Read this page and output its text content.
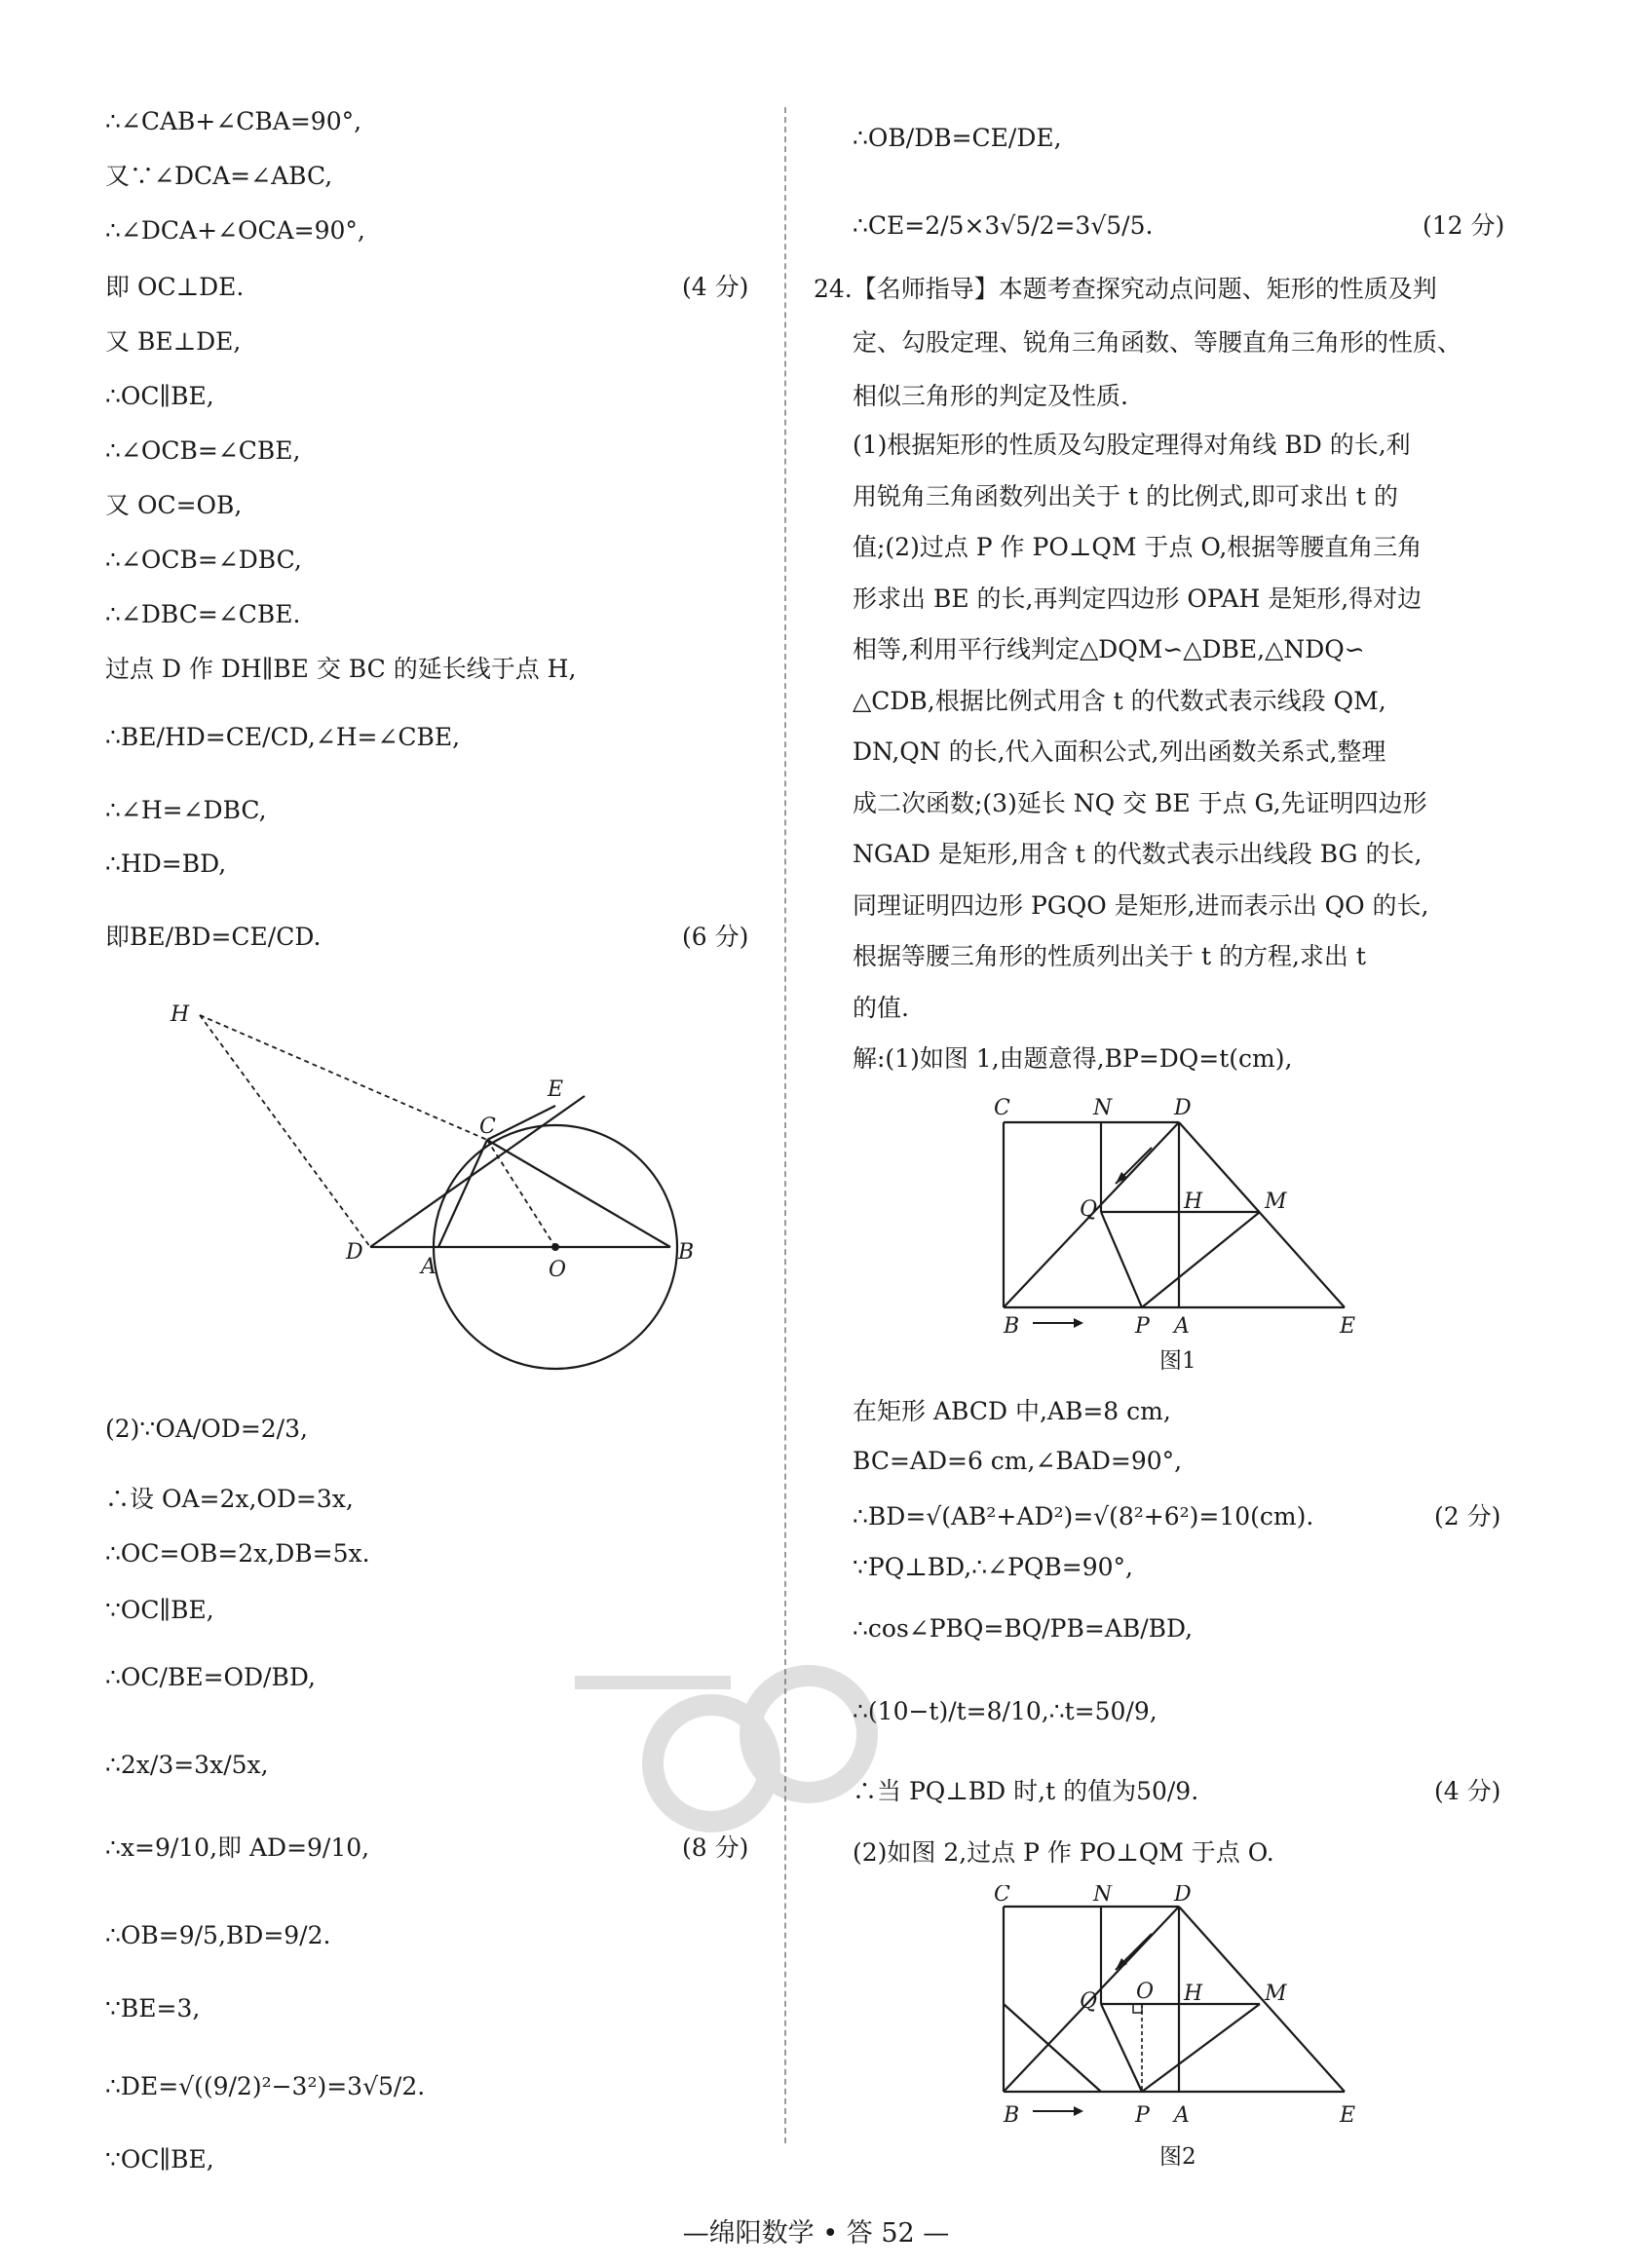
∴∠CAB+∠CBA=90°,
又∵∠DCA=∠ABC,
∴∠DCA+∠OCA=90°,
即 OC⊥DE.	(4 分)
又 BE⊥DE,
∴OC∥BE,
∴∠OCB=∠CBE,
又 OC=OB,
∴∠OCB=∠DBC,
∴∠DBC=∠CBE.
过点 D 作 DH∥BE 交 BC 的延长线于点 H,
∴BE/HD=CE/CD,∠H=∠CBE,
∴∠H=∠DBC,
∴HD=BD,
即BE/BD=CE/CD.	(6 分)
H
E
C
D
A	O
B
(2)∵OA/OD=2/3,
∴设 OA=2x,OD=3x,
∴OC=OB=2x,DB=5x.
∵OC∥BE,
∴OC/BE=OD/BD,
∴2x/3=3x/5x,
∴x=9/10,即 AD=9/10,	(8 分)
∴OB=9/5,BD=9/2.
∵BE=3,
∴DE=√((9/2)²−3²)=3√5/2.
∵OC∥BE,
∴OB/DB=CE/DE,
∴CE=2/5×3√5/2=3√5/5.	(12 分)
24.【名师指导】本题考查探究动点问题、矩形的性质及判
定、勾股定理、锐角三角函数、等腰直角三角形的性质、
相似三角形的判定及性质.
(1)根据矩形的性质及勾股定理得对角线 BD 的长,利
用锐角三角函数列出关于 t 的比例式,即可求出 t 的
值;(2)过点 P 作 PO⊥QM 于点 O,根据等腰直角三角
形求出 BE 的长,再判定四边形 OPAH 是矩形,得对边
相等,利用平行线判定△DQM∽△DBE,△NDQ∽
△CDB,根据比例式用含 t 的代数式表示线段 QM,
DN,QN 的长,代入面积公式,列出函数关系式,整理
成二次函数;(3)延长 NQ 交 BE 于点 G,先证明四边形
NGAD 是矩形,用含 t 的代数式表示出线段 BG 的长,
同理证明四边形 PGQO 是矩形,进而表示出 QO 的长,
根据等腰三角形的性质列出关于 t 的方程,求出 t
的值.
解:(1)如图 1,由题意得,BP=DQ=t(cm),
C	N	D
Q	H	M
B	P A	E
图1
在矩形 ABCD 中,AB=8 cm,
BC=AD=6 cm,∠BAD=90°,
∴BD=√(AB²+AD²)=√(8²+6²)=10(cm).	(2 分)
∵PQ⊥BD,∴∠PQB=90°,
∴cos∠PBQ=BQ/PB=AB/BD,
∴(10−t)/t=8/10,∴t=50/9,
∴当 PQ⊥BD 时,t 的值为50/9.	(4 分)
(2)如图 2,过点 P 作 PO⊥QM 于点 O.
C	N	D
Q O H	M
B	P A	E
图2
—绵阳数学 • 答 52 —
